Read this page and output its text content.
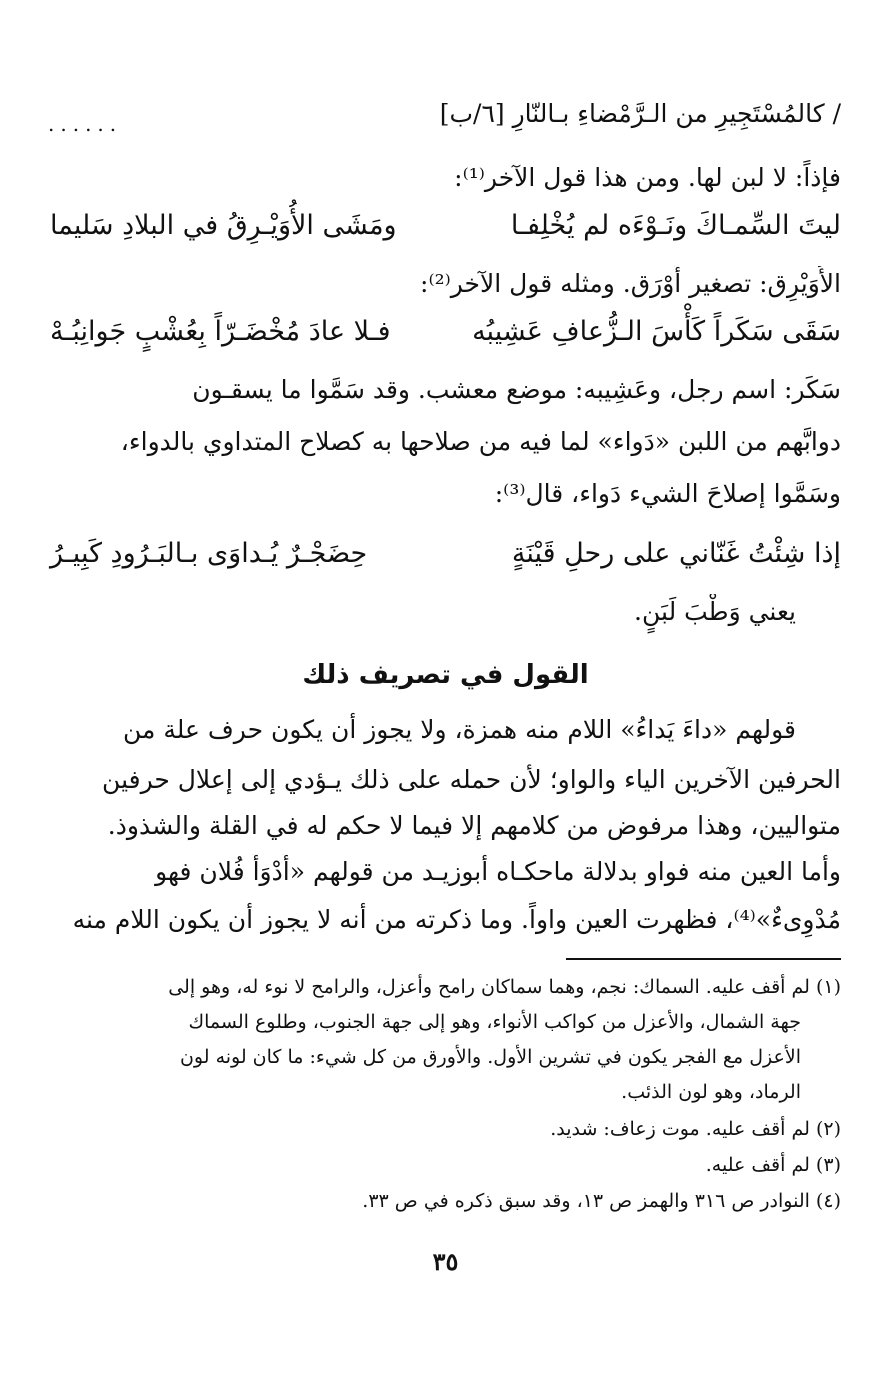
......	/ كالمُسْتَجِيرِ من الـرَّمْضاءِ بـالنّارِ [٦/ب]
فإذاً: لا لبن لها. ومن هذا قول الآخر⁽¹⁾:
ليتَ السِّمـاكَ ونَـوْءَه لم يُخْلِفـا
ومَشَى الأُوَيْـرِقُ في البلادِ سَليما
الأُوَيْرِق: تصغير أَوْرَق. ومثله قول الآخر⁽²⁾:
سَقَى سَكَراً كَأْسَ الـزُّعافِ عَشِيبُه
فـلا عادَ مُخْضَـرّاً بِعُشْبٍ جَوانِبُـهْ
سَكَر: اسم رجل، وعَشِيبه: موضع معشب. وقد سَمَّوا ما يسقـون
دوابَّهم من اللبن «دَواء» لما فيه من صلاحها به كصلاح المتداوي بالدواء،
وسَمَّوا إصلاحَ الشيء دَواء، قال⁽³⁾:
إذا شِئْتُ غَنّاني على رحلِ قَيْنَةٍ
حِضَجْـرٌ يُـداوَى بـالبَـرُودِ كَبِيـرُ
يعني وَطْبَ لَبَنٍ.
القول في تصريف ذلك
قولهم «داءَ يَداءُ» اللام منه همزة، ولا يجوز أن يكون حرف علة من
الحرفين الآخرين الياء والواو؛ لأن حمله على ذلك يـؤدي إلى إعلال حرفين
متواليين، وهذا مرفوض من كلامهم إلا فيما لا حكم له في القلة والشذوذ.
وأما العين منه فواو بدلالة ماحكـاه أبوزيـد من قولهم «أَدْوَأَ فُلان فهو
مُدْوِىءٌ»⁽⁴⁾، فظهرت العين واواً. وما ذكرته من أنه لا يجوز أن يكون اللام منه
(١) لم أقف عليه. السماك: نجم، وهما سماكان رامح وأعزل، والرامح لا نوء له، وهو إلى
جهة الشمال، والأعزل من كواكب الأنواء، وهو إلى جهة الجنوب، وطلوع السماك
الأعزل مع الفجر يكون في تشرين الأول. والأورق من كل شيء: ما كان لونه لون
الرماد، وهو لون الذئب.
(٢) لم أقف عليه. موت زعاف: شديد.
(٣) لم أقف عليه.
(٤) النوادر ص ٣١٦ والهمز ص ١٣، وقد سبق ذكره في ص ٣٣.
٣٥
